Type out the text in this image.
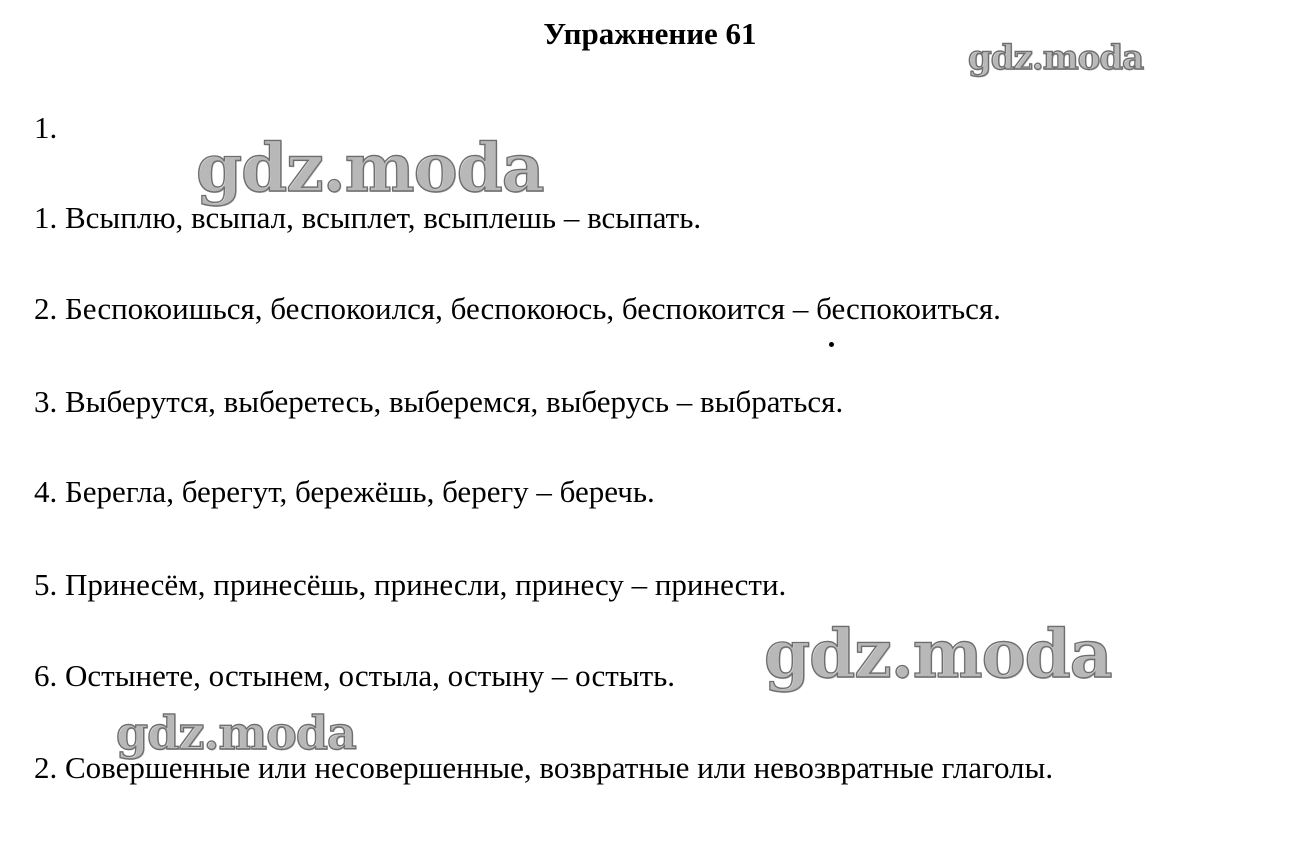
Упражнение 61
gdz.moda
gdz.moda
gdz.moda
gdz.moda
1.
1. Всыплю, всыпал, всыплет, всыплешь – всыпать.
2. Беспокоишься, беспокоился, беспокоюсь, беспокоится – беспокоиться.
3. Выберутся, выберетесь, выберемся, выберусь – выбраться.
4. Берегла, берегут, бережёшь, берегу – беречь.
5. Принесём, принесёшь, принесли, принесу – принести.
6. Остынете, остынем, остыла, остыну – остыть.
2. Совершенные или несовершенные, возвратные или невозвратные глаголы.
